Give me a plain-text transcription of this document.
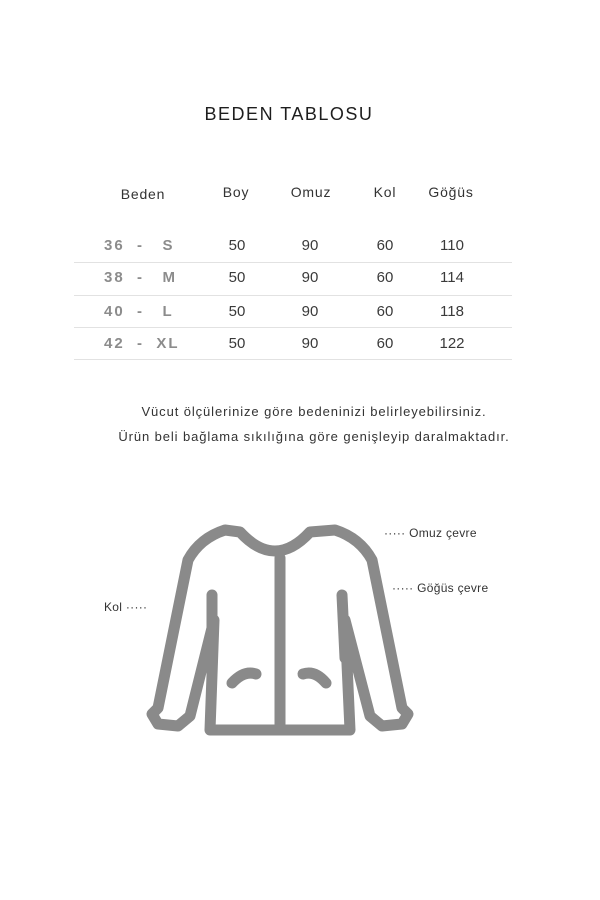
BEDEN TABLOSU
Beden	Boy	Omuz	Kol	Göğüs
36  -   S	50	90	60	110
38  -   M	50	90	60	114
40  -   L	50	90	60	118
42  -  XL	50	90	60	122
Vücut ölçülerinize göre bedeninizi belirleyebilirsiniz.
Ürün beli bağlama sıkılığına göre genişleyip daralmaktadır.
····· Omuz çevre
····· Göğüs çevre
Kol ·····
